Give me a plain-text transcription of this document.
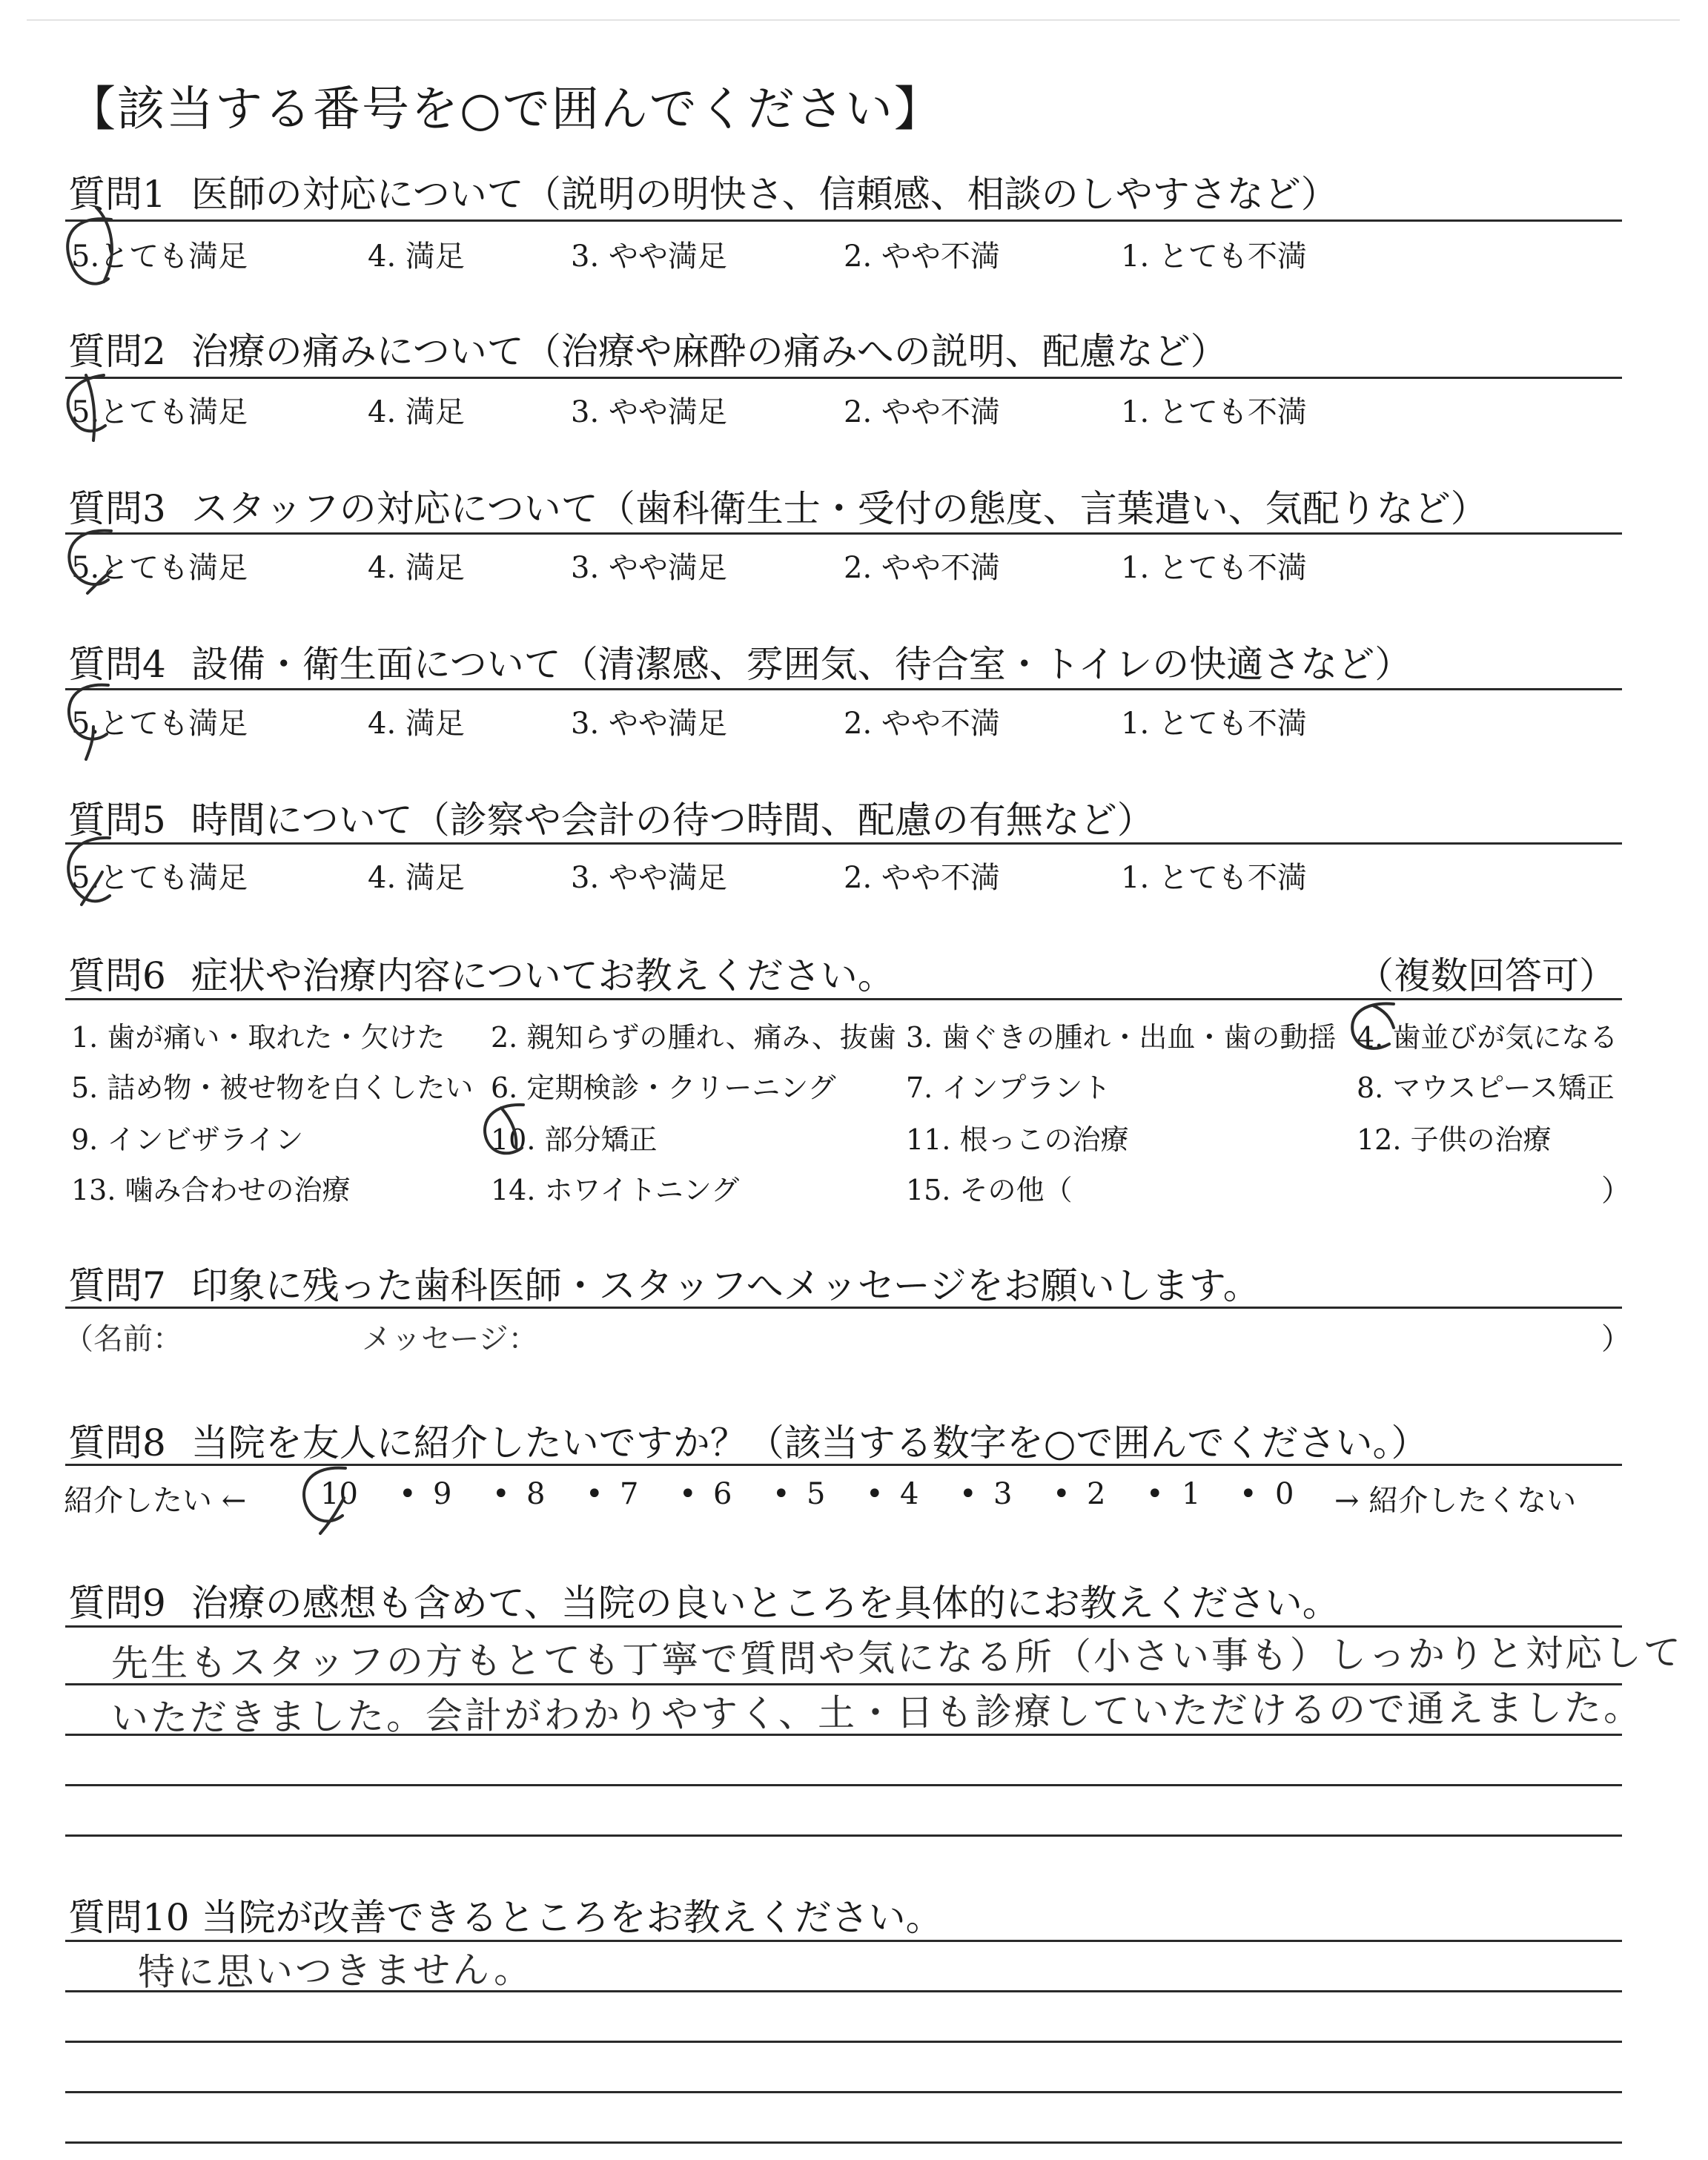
【該当する番号を○で囲んでください】
質問1 医師の対応について（説明の明快さ、信頼感、相談のしやすさなど）
5.とても満足	4. 満足	3. やや満足	2. やや不満	1. とても不満
質問2 治療の痛みについて（治療や麻酔の痛みへの説明、配慮など）
5.とても満足	4. 満足	3. やや満足	2. やや不満	1. とても不満
質問3 スタッフの対応について（歯科衛生士・受付の態度、言葉遣い、気配りなど）
5.とても満足	4. 満足	3. やや満足	2. やや不満	1. とても不満
質問4 設備・衛生面について（清潔感、雰囲気、待合室・トイレの快適さなど）
5.とても満足	4. 満足	3. やや満足	2. やや不満	1. とても不満
質問5 時間について（診察や会計の待つ時間、配慮の有無など）
5.とても満足	4. 満足	3. やや満足	2. やや不満	1. とても不満
質問6 症状や治療内容についてお教えください。	（複数回答可）
1. 歯が痛い・取れた・欠けた 2. 親知らずの腫れ、痛み、抜歯 3. 歯ぐきの腫れ・出血・歯の動揺 4. 歯並びが気になる
5. 詰め物・被せ物を白くしたい 6. 定期検診・クリーニング 7. インプラント	8. マウスピース矯正
9. インビザライン	10. 部分矯正	11. 根っこの治療	12. 子供の治療
13. 噛み合わせの治療	14. ホワイトニング	15. その他（	）
質問7 印象に残った歯科医師・スタッフへメッセージをお願いします。
（名前：	メッセージ：	）
質問8 当院を友人に紹介したいですか？（該当する数字を○で囲んでください。）
紹介したい ← 10 • 9 • 8 • 7 • 6 • 5 • 4 • 3 • 2 • 1 • 0 → 紹介したくない
質問9 治療の感想も含めて、当院の良いところを具体的にお教えください。
先生もスタッフの方もとても丁寧で質問や気になる所（小さい事も）しっかりと対応して
いただきました。会計がわかりやすく、土・日も診療していただけるので通えました。
質問10 当院が改善できるところをお教えください。
特に思いつきません。
